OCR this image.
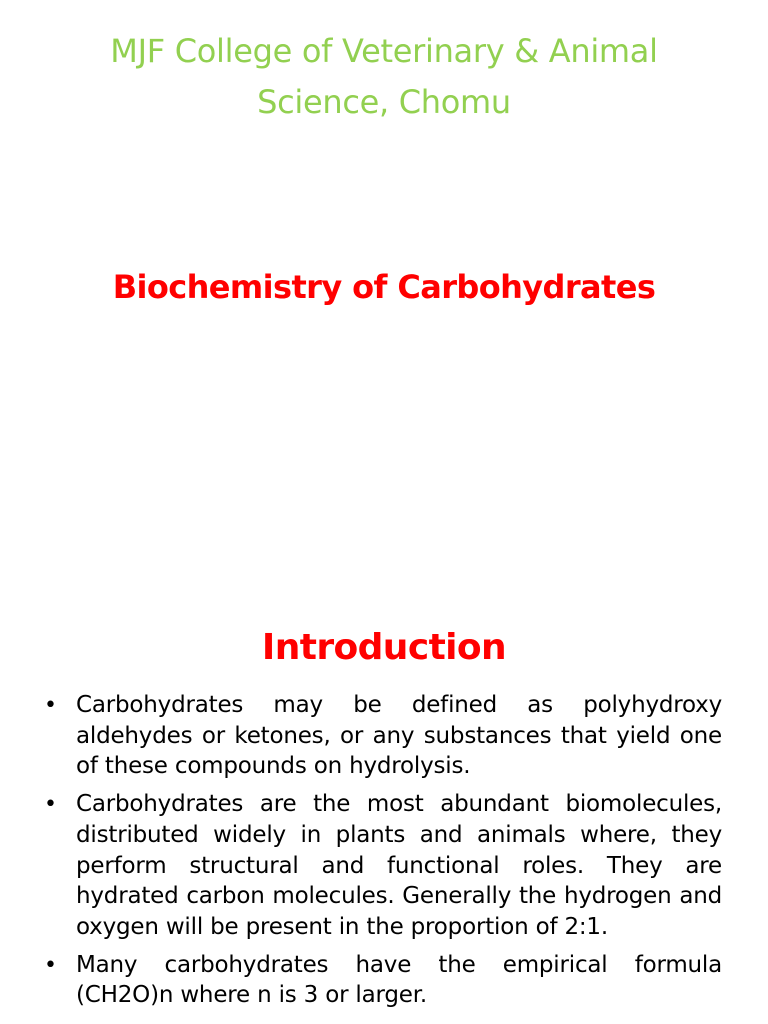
MJF College of Veterinary & Animal
Science, Chomu
Biochemistry of Carbohydrates
Introduction
• Carbohydrates may be defined as polyhydroxy aldehydes or ketones, or any substances that yield one of these compounds on hydrolysis.
• Carbohydrates are the most abundant biomolecules, distributed widely in plants and animals where, they perform structural and functional roles. They are hydrated carbon molecules. Generally the hydrogen and oxygen will be present in the proportion of 2:1.
• Many carbohydrates have the empirical formula (CH2O)n where n is 3 or larger.
